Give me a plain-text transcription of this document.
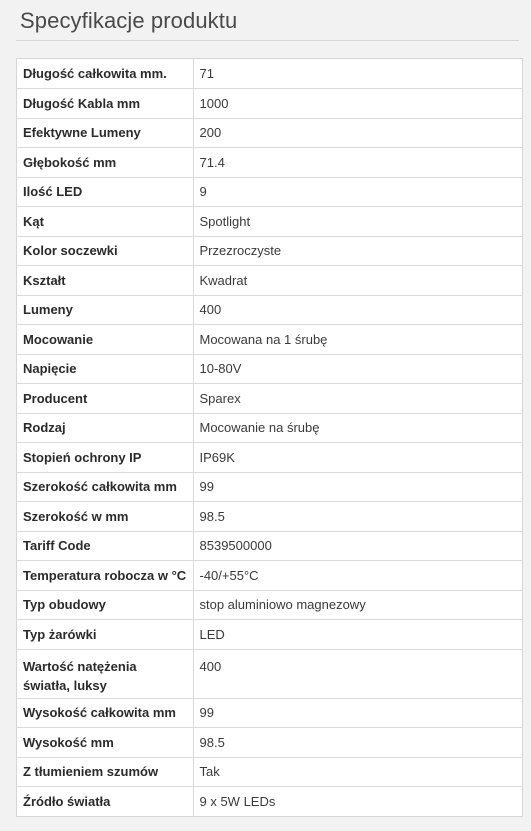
Specyfikacje produktu
Długość całkowita mm.	71
Długość Kabla mm	1000
Efektywne Lumeny	200
Głębokość mm	71.4
Ilość LED	9
Kąt	Spotlight
Kolor soczewki	Przezroczyste
Kształt	Kwadrat
Lumeny	400
Mocowanie	Mocowana na 1 śrubę
Napięcie	10-80V
Producent	Sparex
Rodzaj	Mocowanie na śrubę
Stopień ochrony IP	IP69K
Szerokość całkowita mm	99
Szerokość w mm	98.5
Tariff Code	8539500000
Temperatura robocza w °C	-40/+55°C
Typ obudowy	stop aluminiowo magnezowy
Typ żarówki	LED
Wartość natężenia światła, luksy	400
Wysokość całkowita mm	99
Wysokość mm	98.5
Z tłumieniem szumów	Tak
Źródło światła	9 x 5W LEDs
